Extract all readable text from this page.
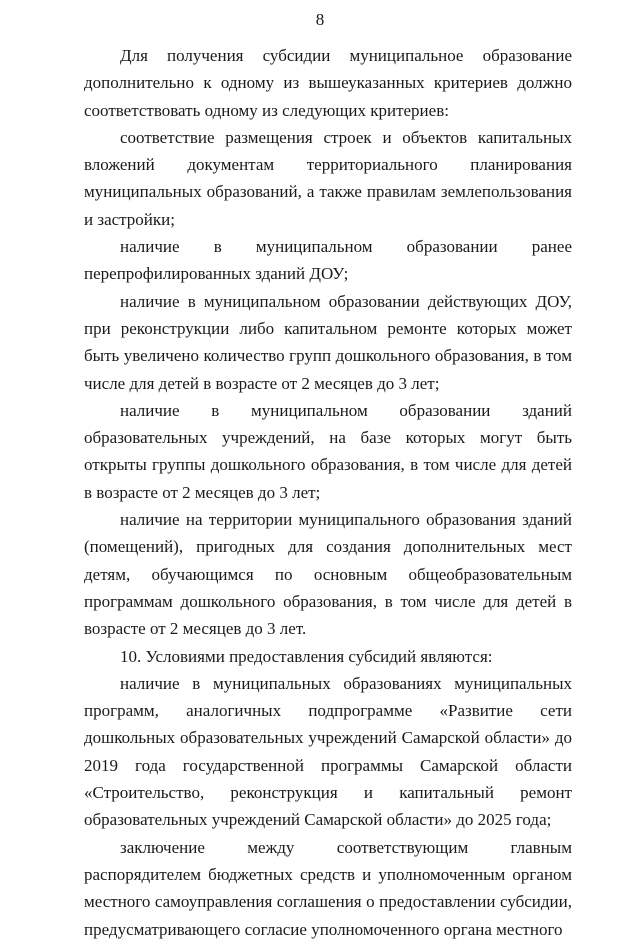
8

Для получения субсидии муниципальное образование дополнительно к одному из вышеуказанных критериев должно соответствовать одному из следующих критериев:

соответствие размещения строек и объектов капитальных вложений документам территориального планирования муниципальных образований, а также правилам землепользования и застройки;

наличие в муниципальном образовании ранее перепрофилированных зданий ДОУ;

наличие в муниципальном образовании действующих ДОУ, при реконструкции либо капитальном ремонте которых может быть увеличено количество групп дошкольного образования, в том числе для детей в возрасте от 2 месяцев до 3 лет;

наличие в муниципальном образовании зданий образовательных учреждений, на базе которых могут быть открыты группы дошкольного образования, в том числе для детей в возрасте от 2 месяцев до 3 лет;

наличие на территории муниципального образования зданий (помещений), пригодных для создания дополнительных мест детям, обучающимся по основным общеобразовательным программам дошкольного образования, в том числе для детей в возрасте от 2 месяцев до 3 лет.

10. Условиями предоставления субсидий являются:

наличие в муниципальных образованиях муниципальных программ, аналогичных подпрограмме «Развитие сети дошкольных образовательных учреждений Самарской области» до 2019 года государственной программы Самарской области «Строительство, реконструкция и капитальный ремонт образовательных учреждений Самарской области» до 2025 года;

заключение между соответствующим главным распорядителем бюджетных средств и уполномоченным органом местного самоуправления соглашения о предоставлении субсидии, предусматривающего согласие уполномоченного органа местного
